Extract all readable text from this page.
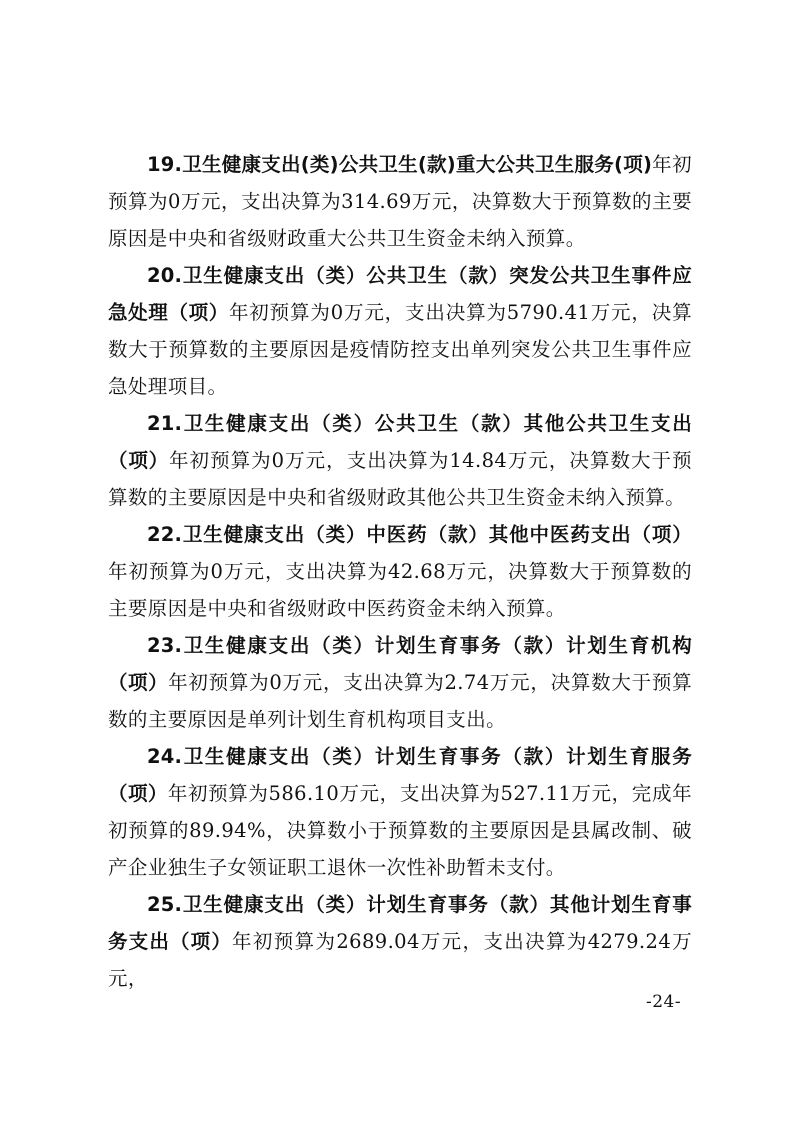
19.卫生健康支出(类)公共卫生(款)重大公共卫生服务(项)年初预算为0万元，支出决算为314.69万元，决算数大于预算数的主要原因是中央和省级财政重大公共卫生资金未纳入预算。

20.卫生健康支出（类）公共卫生（款）突发公共卫生事件应急处理（项）年初预算为0万元，支出决算为5790.41万元，决算数大于预算数的主要原因是疫情防控支出单列突发公共卫生事件应急处理项目。

21.卫生健康支出（类）公共卫生（款）其他公共卫生支出（项）年初预算为0万元，支出决算为14.84万元，决算数大于预算数的主要原因是中央和省级财政其他公共卫生资金未纳入预算。

22.卫生健康支出（类）中医药（款）其他中医药支出（项）年初预算为0万元，支出决算为42.68万元，决算数大于预算数的主要原因是中央和省级财政中医药资金未纳入预算。

23.卫生健康支出（类）计划生育事务（款）计划生育机构（项）年初预算为0万元，支出决算为2.74万元，决算数大于预算数的主要原因是单列计划生育机构项目支出。

24.卫生健康支出（类）计划生育事务（款）计划生育服务（项）年初预算为586.10万元，支出决算为527.11万元，完成年初预算的89.94%，决算数小于预算数的主要原因是县属改制、破产企业独生子女领证职工退休一次性补助暂未支付。

25.卫生健康支出（类）计划生育事务（款）其他计划生育事务支出（项）年初预算为2689.04万元，支出决算为4279.24万元，

-24-
